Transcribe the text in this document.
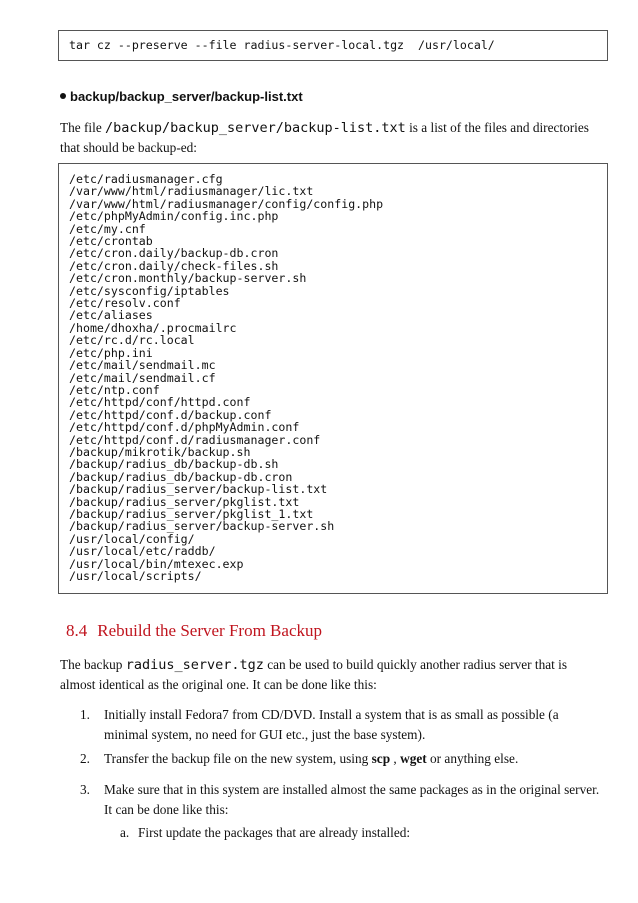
tar cz --preserve --file radius-server-local.tgz  /usr/local/
backup/backup_server/backup-list.txt
The file /backup/backup_server/backup-list.txt is a list of the files and directories that should be backup-ed:
/etc/radiusmanager.cfg
/var/www/html/radiusmanager/lic.txt
/var/www/html/radiusmanager/config/config.php
/etc/phpMyAdmin/config.inc.php
/etc/my.cnf
/etc/crontab
/etc/cron.daily/backup-db.cron
/etc/cron.daily/check-files.sh
/etc/cron.monthly/backup-server.sh
/etc/sysconfig/iptables
/etc/resolv.conf
/etc/aliases
/home/dhoxha/.procmailrc
/etc/rc.d/rc.local
/etc/php.ini
/etc/mail/sendmail.mc
/etc/mail/sendmail.cf
/etc/ntp.conf
/etc/httpd/conf/httpd.conf
/etc/httpd/conf.d/backup.conf
/etc/httpd/conf.d/phpMyAdmin.conf
/etc/httpd/conf.d/radiusmanager.conf
/backup/mikrotik/backup.sh
/backup/radius_db/backup-db.sh
/backup/radius_db/backup-db.cron
/backup/radius_server/backup-list.txt
/backup/radius_server/pkglist.txt
/backup/radius_server/pkglist_1.txt
/backup/radius_server/backup-server.sh
/usr/local/config/
/usr/local/etc/raddb/
/usr/local/bin/mtexec.exp
/usr/local/scripts/
8.4 Rebuild the Server From Backup
The backup radius_server.tgz can be used to build quickly another radius server that is almost identical as the original one. It can be done like this:
1.	Initially install Fedora7 from CD/DVD. Install a system that is as small as possible (a minimal system, no need for GUI etc., just the base system).
2.	Transfer the backup file on the new system, using scp , wget or anything else.
3.	Make sure that in this system are installed almost the same packages as in the original server. It can be done like this:
a. First update the packages that are already installed:
